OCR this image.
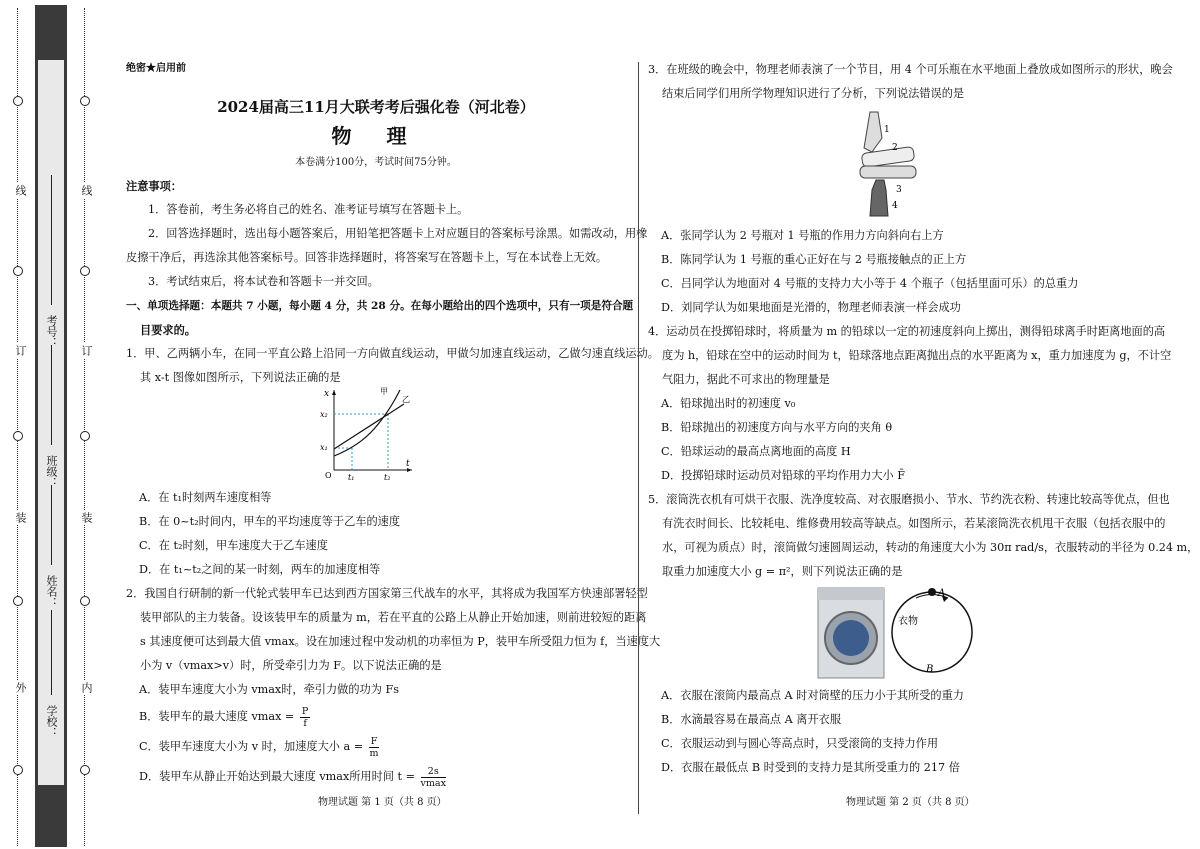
线
订
装
外
线
订
装
内
考号：
班级：
姓名：
学校：
绝密★启用前
2024届高三11月大联考考后强化卷（河北卷）
物 理
本卷满分100分，考试时间75分钟。
注意事项：
1．答卷前，考生务必将自己的姓名、准考证号填写在答题卡上。
2．回答选择题时，选出每小题答案后，用铅笔把答题卡上对应题目的答案标号涂黑。如需改动，用橡
皮擦干净后，再选涂其他答案标号。回答非选择题时，将答案写在答题卡上，写在本试卷上无效。
3．考试结束后，将本试卷和答题卡一并交回。
一、单项选择题：本题共 7 小题，每小题 4 分，共 28 分。在每小题给出的四个选项中，只有一项是符合题
目要求的。
1．甲、乙两辆小车，在同一平直公路上沿同一方向做直线运动，甲做匀加速直线运动，乙做匀速直线运动。
其 x-t 图像如图所示，下列说法正确的是
x
t
O
x₁
x₂
t₁	t₂
甲
乙
A．在 t₁时刻两车速度相等
B．在 0~t₂时间内，甲车的平均速度等于乙车的速度
C．在 t₂时刻，甲车速度大于乙车速度
D．在 t₁~t₂之间的某一时刻，两车的加速度相等
2．我国自行研制的新一代轮式装甲车已达到西方国家第三代战车的水平，其将成为我国军方快速部署轻型
装甲部队的主力装备。设该装甲车的质量为 m，若在平直的公路上从静止开始加速，则前进较短的距离
s 其速度便可达到最大值 vmax。设在加速过程中发动机的功率恒为 P，装甲车所受阻力恒为 f，当速度大
小为 v（vmax>v）时，所受牵引力为 F。以下说法正确的是
A．装甲车速度大小为 vmax时，牵引力做的功为 Fs
B．装甲车的最大速度 $vmax = \frac{P}{f}$
C．装甲车速度大小为 v 时，加速度大小 $a = \frac{F}{m}$
D．装甲车从静止开始达到最大速度 vmax所用时间 $t = \frac{2s}{vmax}$
3．在班级的晚会中，物理老师表演了一个节目，用 4 个可乐瓶在水平地面上叠放成如图所示的形状，晚会
结束后同学们用所学物理知识进行了分析，下列说法错误的是
1
2
3
4
A．张同学认为 2 号瓶对 1 号瓶的作用力方向斜向右上方
B．陈同学认为 1 号瓶的重心正好在与 2 号瓶接触点的正上方
C．吕同学认为地面对 4 号瓶的支持力大小等于 4 个瓶子（包括里面可乐）的总重力
D．刘同学认为如果地面是光滑的，物理老师表演一样会成功
4．运动员在投掷铅球时，将质量为 m 的铅球以一定的初速度斜向上掷出，测得铅球离手时距离地面的高
度为 h，铅球在空中的运动时间为 t，铅球落地点距离抛出点的水平距离为 x，重力加速度为 g，不计空
气阻力，据此不可求出的物理量是
A．铅球抛出时的初速度 v₀
B．铅球抛出的初速度方向与水平方向的夹角 θ
C．铅球运动的最高点离地面的高度 H
D．投掷铅球时运动员对铅球的平均作用力大小 F̄
5．滚筒洗衣机有可烘干衣服、洗净度较高、对衣服磨损小、节水、节约洗衣粉、转速比较高等优点，但也
有洗衣时间长、比较耗电、维修费用较高等缺点。如图所示，若某滚筒洗衣机甩干衣服（包括衣服中的
水，可视为质点）时，滚筒做匀速圆周运动，转动的角速度大小为 30π rad/s，衣服转动的半径为 0.24 m，
取重力加速度大小 g = π²，则下列说法正确的是
A
B
衣物
A．衣服在滚筒内最高点 A 时对筒壁的压力小于其所受的重力
B．水滴最容易在最高点 A 离开衣服
C．衣服运动到与圆心等高点时，只受滚筒的支持力作用
D．衣服在最低点 B 时受到的支持力是其所受重力的 217 倍
物理试题 第 1 页（共 8 页）	物理试题 第 2 页（共 8 页）
